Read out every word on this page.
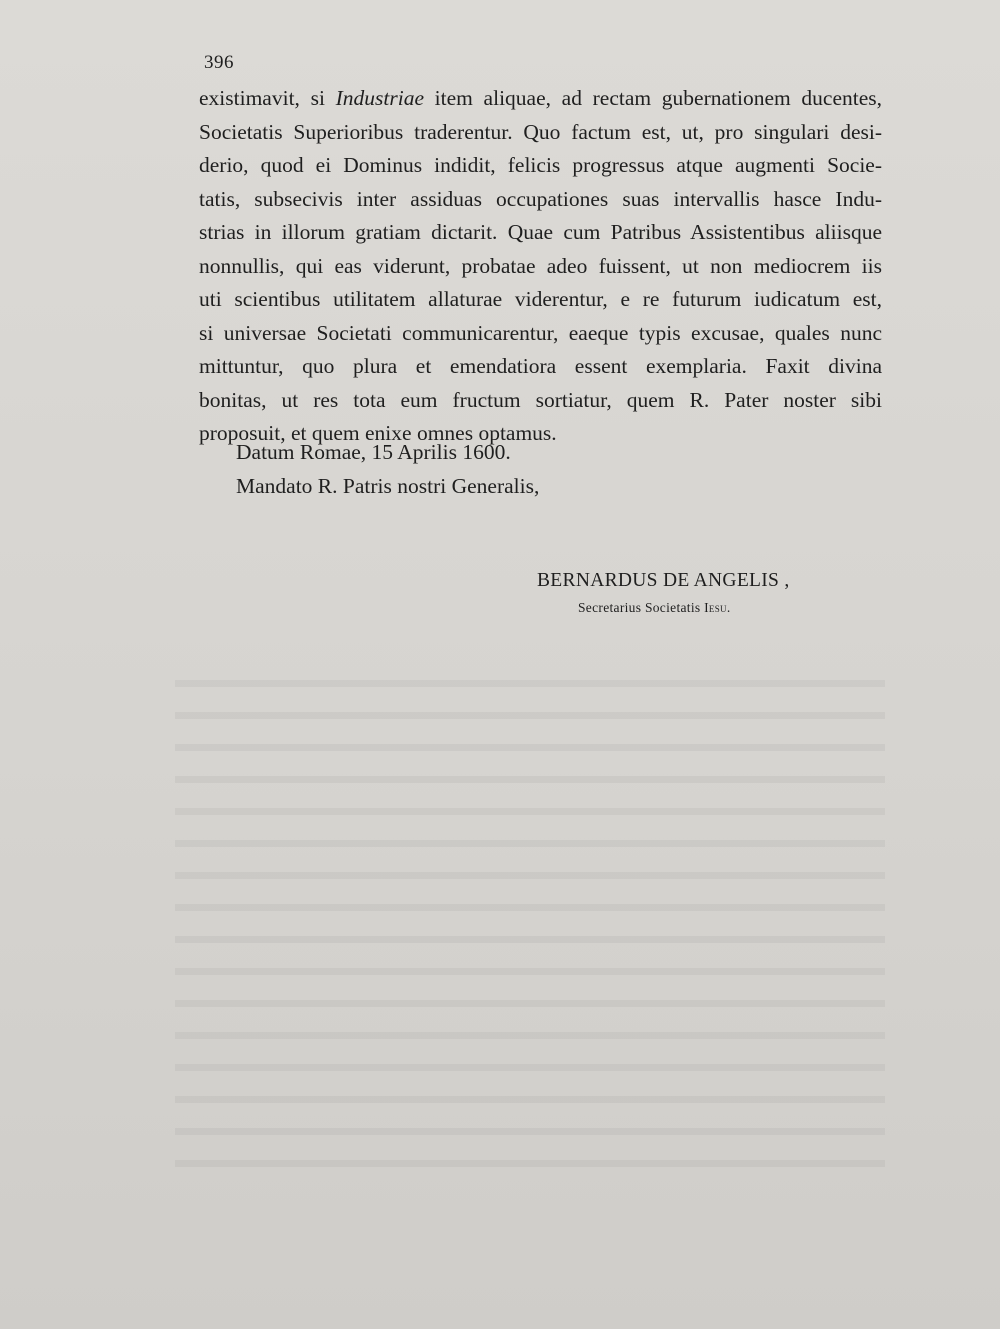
396

existimavit, si Industriae item aliquae, ad rectam gubernationem ducentes,
Societatis Superioribus traderentur. Quo factum est, ut, pro singulari desi-
derio, quod ei Dominus indidit, felicis progressus atque augmenti Socie-
tatis, subsecivis inter assiduas occupationes suas intervallis hasce Indu-
strias in illorum gratiam dictarit. Quae cum Patribus Assistentibus aliisque
nonnullis, qui eas viderunt, probatae adeo fuissent, ut non mediocrem iis
uti scientibus utilitatem allaturae viderentur, e re futurum iudicatum est,
si universae Societati communicarentur, eaeque typis excusae, quales nunc
mittuntur, quo plura et emendatiora essent exemplaria. Faxit divina
bonitas, ut res tota eum fructum sortiatur, quem R. Pater noster sibi
proposuit, et quem enixe omnes optamus.

Datum Romae, 15 Aprilis 1600.
Mandato R. Patris nostri Generalis,
BERNARDUS DE ANGELIS ,
Secretarius Societatis Iesu.
